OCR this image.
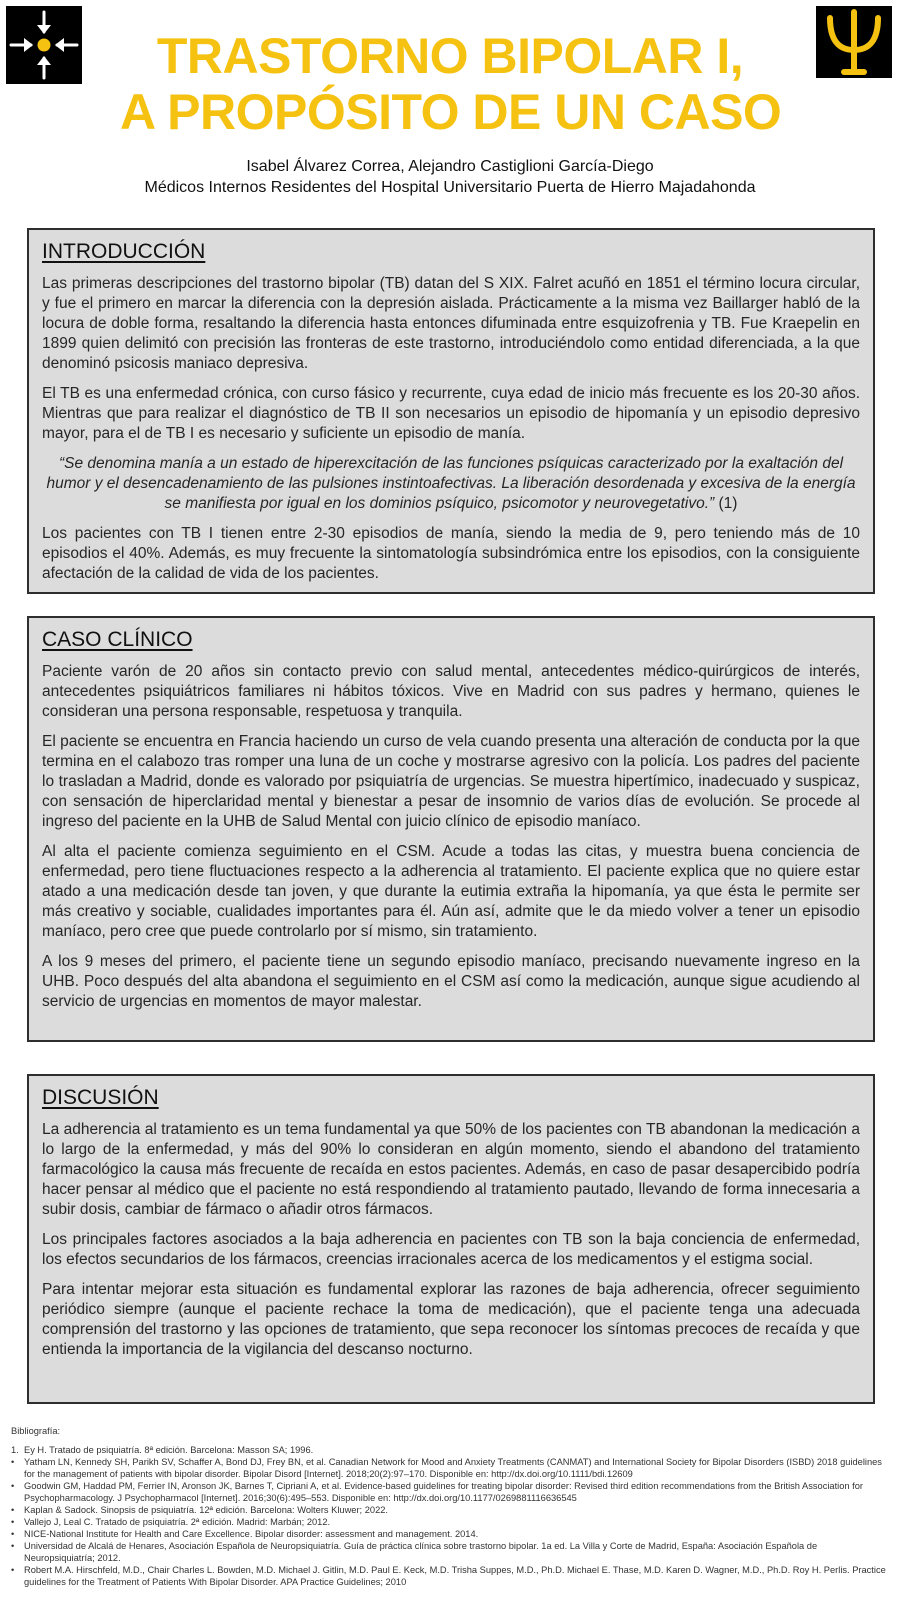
TRASTORNO BIPOLAR I,
A PROPÓSITO DE UN CASO
Isabel Álvarez Correa, Alejandro Castiglioni García-Diego
Médicos Internos Residentes del Hospital Universitario Puerta de Hierro Majadahonda
INTRODUCCIÓN

Las primeras descripciones del trastorno bipolar (TB) datan del S XIX. Falret acuñó en 1851 el término locura circular, y fue el primero en marcar la diferencia con la depresión aislada. Prácticamente a la misma vez Baillarger habló de la locura de doble forma, resaltando la diferencia hasta entonces difuminada entre esquizofrenia y TB. Fue Kraepelin en 1899 quien delimitó con precisión las fronteras de este trastorno, introduciéndolo como entidad diferenciada, a la que denominó psicosis maniaco depresiva.

El TB es una enfermedad crónica, con curso fásico y recurrente, cuya edad de inicio más frecuente es los 20-30 años. Mientras que para realizar el diagnóstico de TB II son necesarios un episodio de hipomanía y un episodio depresivo mayor, para el de TB I es necesario y suficiente un episodio de manía.

“Se denomina manía a un estado de hiperexcitación de las funciones psíquicas caracterizado por la exaltación del humor y el desencadenamiento de las pulsiones instintoafectivas. La liberación desordenada y excesiva de la energía se manifiesta por igual en los dominios psíquico, psicomotor y neurovegetativo.” (1)

Los pacientes con TB I tienen entre 2-30 episodios de manía, siendo la media de 9, pero teniendo más de 10 episodios el 40%. Además, es muy frecuente la sintomatología subsindrómica entre los episodios, con la consiguiente afectación de la calidad de vida de los pacientes.

CASO CLÍNICO

Paciente varón de 20 años sin contacto previo con salud mental, antecedentes médico-quirúrgicos de interés, antecedentes psiquiátricos familiares ni hábitos tóxicos. Vive en Madrid con sus padres y hermano, quienes le consideran una persona responsable, respetuosa y tranquila.

El paciente se encuentra en Francia haciendo un curso de vela cuando presenta una alteración de conducta por la que termina en el calabozo tras romper una luna de un coche y mostrarse agresivo con la policía. Los padres del paciente lo trasladan a Madrid, donde es valorado por psiquiatría de urgencias. Se muestra hipertímico, inadecuado y suspicaz, con sensación de hiperclaridad mental y bienestar a pesar de insomnio de varios días de evolución. Se procede al ingreso del paciente en la UHB de Salud Mental con juicio clínico de episodio maníaco.

Al alta el paciente comienza seguimiento en el CSM. Acude a todas las citas, y muestra buena conciencia de enfermedad, pero tiene fluctuaciones respecto a la adherencia al tratamiento. El paciente explica que no quiere estar atado a una medicación desde tan joven, y que durante la eutimia extraña la hipomanía, ya que ésta le permite ser más creativo y sociable, cualidades importantes para él. Aún así, admite que le da miedo volver a tener un episodio maníaco, pero cree que puede controlarlo por sí mismo, sin tratamiento.

A los 9 meses del primero, el paciente tiene un segundo episodio maníaco, precisando nuevamente ingreso en la UHB. Poco después del alta abandona el seguimiento en el CSM así como la medicación, aunque sigue acudiendo al servicio de urgencias en momentos de mayor malestar.

DISCUSIÓN

La adherencia al tratamiento es un tema fundamental ya que 50% de los pacientes con TB abandonan la medicación a lo largo de la enfermedad, y más del 90% lo consideran en algún momento, siendo el abandono del tratamiento farmacológico la causa más frecuente de recaída en estos pacientes. Además, en caso de pasar desapercibido podría hacer pensar al médico que el paciente no está respondiendo al tratamiento pautado, llevando de forma innecesaria a subir dosis, cambiar de fármaco o añadir otros fármacos.

Los principales factores asociados a la baja adherencia en pacientes con TB son la baja conciencia de enfermedad, los efectos secundarios de los fármacos, creencias irracionales acerca de los medicamentos y el estigma social.

Para intentar mejorar esta situación es fundamental explorar las razones de baja adherencia, ofrecer seguimiento periódico siempre (aunque el paciente rechace la toma de medicación), que el paciente tenga una adecuada comprensión del trastorno y las opciones de tratamiento, que sepa reconocer los síntomas precoces de recaída y que entienda la importancia de la vigilancia del descanso nocturno.

Bibliografía:
1. Ey H. Tratado de psiquiatría. 8ª edición. Barcelona: Masson SA; 1996.
• Yatham LN, Kennedy SH, Parikh SV, Schaffer A, Bond DJ, Frey BN, et al. Canadian Network for Mood and Anxiety Treatments (CANMAT) and International Society for Bipolar Disorders (ISBD) 2018 guidelines for the management of patients with bipolar disorder. Bipolar Disord [Internet]. 2018;20(2):97–170. Disponible en: http://dx.doi.org/10.1111/bdi.12609
• Goodwin GM, Haddad PM, Ferrier IN, Aronson JK, Barnes T, Cipriani A, et al. Evidence-based guidelines for treating bipolar disorder: Revised third edition recommendations from the British Association for Psychopharmacology. J Psychopharmacol [Internet]. 2016;30(6):495–553. Disponible en: http://dx.doi.org/10.1177/0269881116636545
• Kaplan & Sadock. Sinopsis de psiquiatría. 12ª edición. Barcelona: Wolters Kluwer; 2022.
• Vallejo J, Leal C. Tratado de psiquiatría. 2ª edición. Madrid: Marbán; 2012.
• NICE-National Institute for Health and Care Excellence. Bipolar disorder: assessment and management. 2014.
• Universidad de Alcalá de Henares, Asociación Española de Neuropsiquiatría. Guía de práctica clínica sobre trastorno bipolar. 1a ed. La Villa y Corte de Madrid, España: Asociación Española de Neuropsiquiatría; 2012.
• Robert M.A. Hirschfeld, M.D., Chair Charles L. Bowden, M.D. Michael J. Gitlin, M.D. Paul E. Keck, M.D. Trisha Suppes, M.D., Ph.D. Michael E. Thase, M.D. Karen D. Wagner, M.D., Ph.D. Roy H. Perlis. Practice guidelines for the Treatment of Patients With Bipolar Disorder. APA Practice Guidelines; 2010
